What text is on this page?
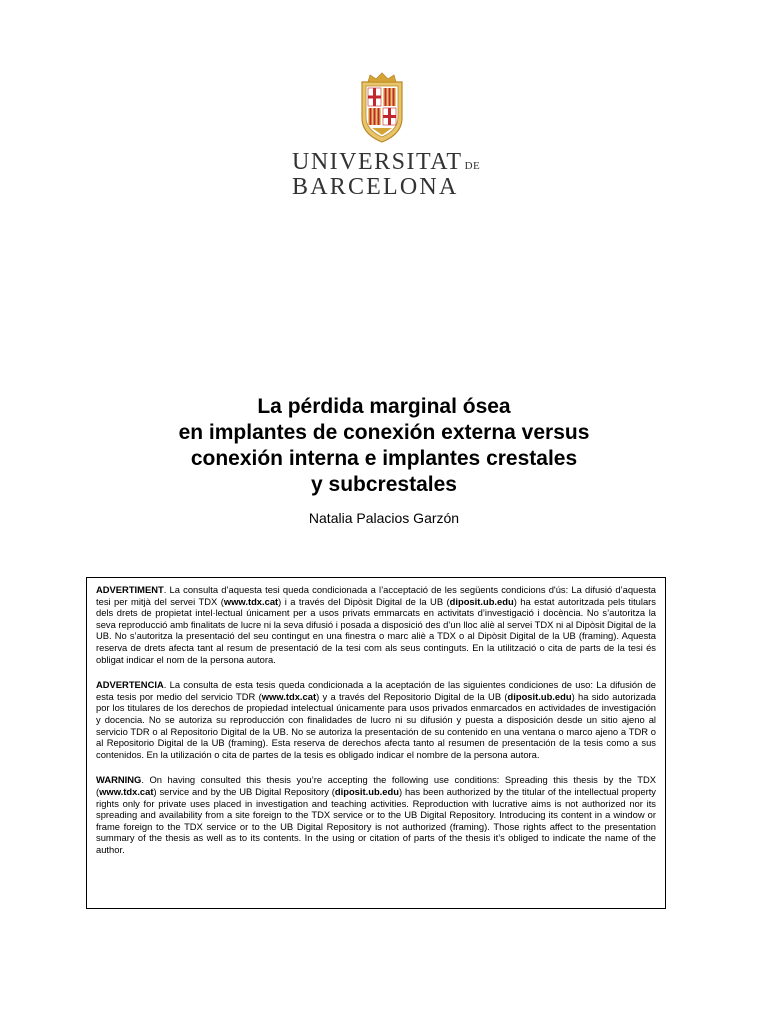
UNIVERSITAT DE
BARCELONA
La pérdida marginal ósea
en implantes de conexión externa versus
conexión interna e implantes crestales
y subcrestales
Natalia Palacios Garzón

ADVERTIMENT. La consulta d’aquesta tesi queda condicionada a l’acceptació de les següents condicions d'ús: La difusió d’aquesta tesi per mitjà del servei TDX (www.tdx.cat) i a través del Dipòsit Digital de la UB (diposit.ub.edu) ha estat autoritzada pels titulars dels drets de propietat intel·lectual únicament per a usos privats emmarcats en activitats d’investigació i docència. No s’autoritza la seva reproducció amb finalitats de lucre ni la seva difusió i posada a disposició des d’un lloc aliè al servei TDX ni al Dipòsit Digital de la UB. No s’autoritza la presentació del seu contingut en una finestra o marc aliè a TDX o al Dipòsit Digital de la UB (framing). Aquesta reserva de drets afecta tant al resum de presentació de la tesi com als seus continguts. En la utilització o cita de parts de la tesi és obligat indicar el nom de la persona autora.

ADVERTENCIA. La consulta de esta tesis queda condicionada a la aceptación de las siguientes condiciones de uso: La difusión de esta tesis por medio del servicio TDR (www.tdx.cat) y a través del Repositorio Digital de la UB (diposit.ub.edu) ha sido autorizada por los titulares de los derechos de propiedad intelectual únicamente para usos privados enmarcados en actividades de investigación y docencia. No se autoriza su reproducción con finalidades de lucro ni su difusión y puesta a disposición desde un sitio ajeno al servicio TDR o al Repositorio Digital de la UB. No se autoriza la presentación de su contenido en una ventana o marco ajeno a TDR o al Repositorio Digital de la UB (framing). Esta reserva de derechos afecta tanto al resumen de presentación de la tesis como a sus contenidos. En la utilización o cita de partes de la tesis es obligado indicar el nombre de la persona autora.

WARNING. On having consulted this thesis you’re accepting the following use conditions: Spreading this thesis by the TDX (www.tdx.cat) service and by the UB Digital Repository (diposit.ub.edu) has been authorized by the titular of the intellectual property rights only for private uses placed in investigation and teaching activities. Reproduction with lucrative aims is not authorized nor its spreading and availability from a site foreign to the TDX service or to the UB Digital Repository. Introducing its content in a window or frame foreign to the TDX service or to the UB Digital Repository is not authorized (framing). Those rights affect to the presentation summary of the thesis as well as to its contents. In the using or citation of parts of the thesis it’s obliged to indicate the name of the author.
